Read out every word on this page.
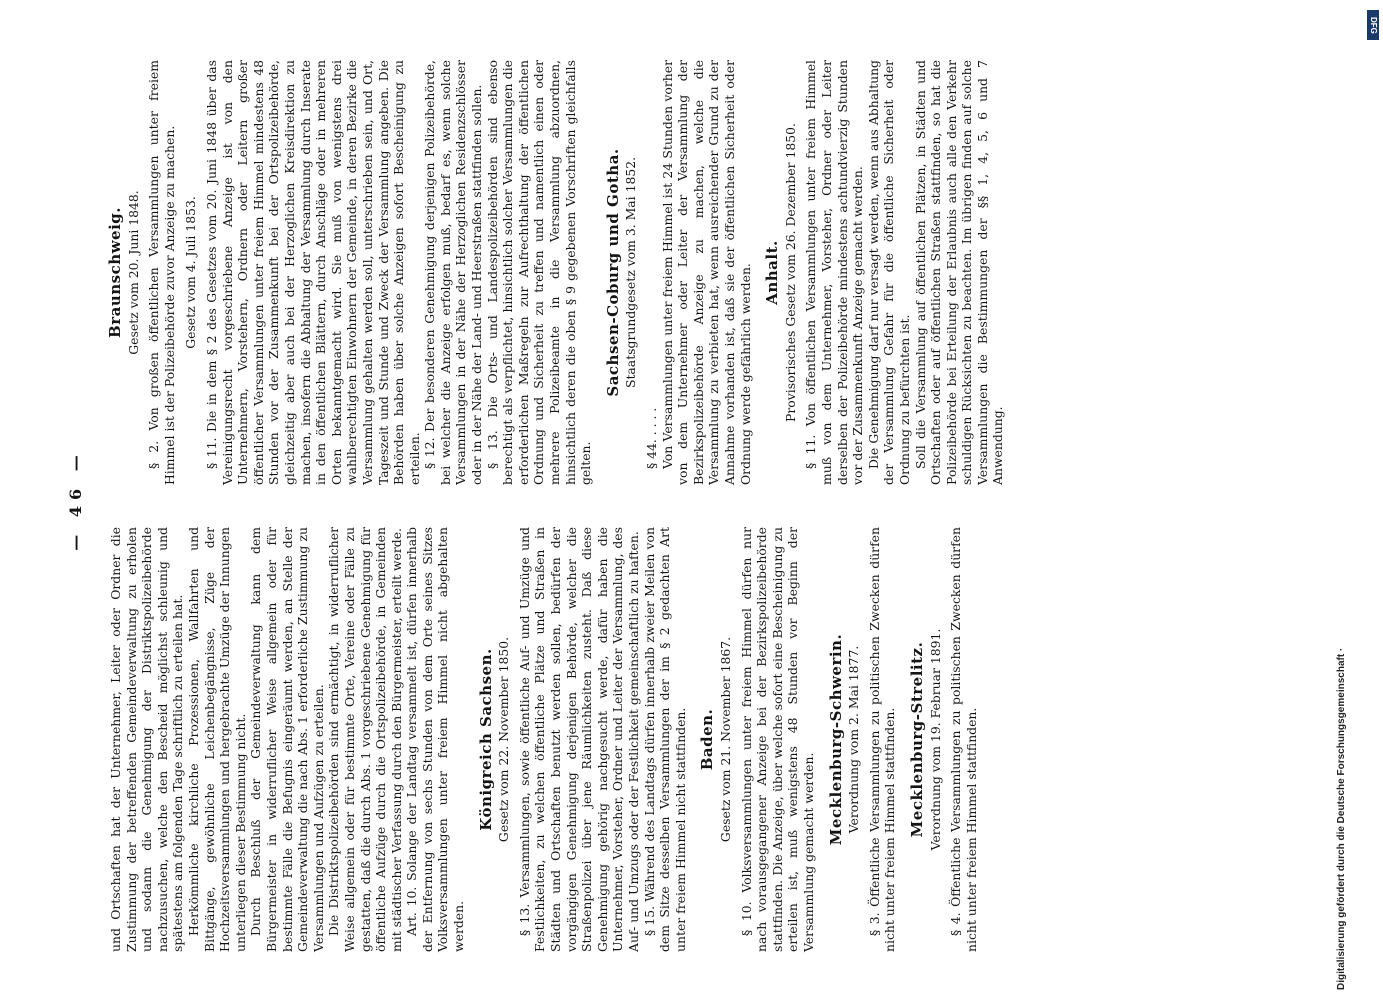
— 46 —

und Ortschaften hat der Unternehmer, Leiter oder Ordner die Zustimmung der betreffenden Gemeindeverwaltung zu erholen und sodann die Genehmigung der Distriktspolizeibehörde nachzusuchen, welche den Bescheid möglichst schleunig und spätestens am folgenden Tage schriftlich zu erteilen hat. Herkömmliche kirchliche Prozessionen, Wallfahrten und Bittgänge, gewöhnliche Leichenbegängnisse, Züge der Hochzeitsversammlungen und hergebrachte Umzüge der Innungen unterliegen dieser Bestimmung nicht. Durch Beschluß der Gemeindeverwaltung kann dem Bürgermeister in widerruflicher Weise allgemein oder für bestimmte Fälle die Befugnis eingeräumt werden, an Stelle der Gemeindeverwaltung die nach Abs. 1 erforderliche Zustimmung zu Versammlungen und Aufzügen zu erteilen. Die Distriktspolizeibehörden sind ermächtigt, in widerruflicher Weise allgemein oder für bestimmte Orte, Vereine oder Fälle zu gestatten, daß die durch Abs. 1 vorgeschriebene Genehmigung für öffentliche Aufzüge durch die Ortspolizeibehörde, in Gemeinden mit städtischer Verfassung durch den Bürgermeister, erteilt werde. Art. 10. Solange der Landtag versammelt ist, dürfen innerhalb der Entfernung von sechs Stunden von dem Orte seines Sitzes Volksversammlungen unter freiem Himmel nicht abgehalten werden.

Königreich Sachsen. Gesetz vom 22. November 1850. § 13. Versammlungen, sowie öffentliche Auf- und Umzüge und Festlichkeiten, zu welchen öffentliche Plätze und Straßen in Städten und Ortschaften benutzt werden sollen, bedürfen der vorgängigen Genehmigung derjenigen Behörde, welcher die Straßenpolizei über jene Räumlichkeiten zusteht. Daß diese Genehmigung gehörig nachgesucht werde, dafür haben die Unternehmer, Vorsteher, Ordner und Leiter der Versammlung, des Auf- und Umzugs oder der Festlichkeit gemeinschaftlich zu haften. § 15. Während des Landtags dürfen innerhalb zweier Meilen von dem Sitze desselben Versammlungen der im § 2 gedachten Art unter freiem Himmel nicht stattfinden. Baden. Gesetz vom 21. November 1867. § 10. Volksversammlungen unter freiem Himmel dürfen nur nach vorausgegangener Anzeige bei der Bezirkspolizeibehörde stattfinden. Die Anzeige, über welche sofort eine Bescheinigung zu erteilen ist, muß wenigstens 48 Stunden vor Beginn der Versammlung gemacht werden.

Mecklenburg-Schwerin. Verordnung vom 2. Mai 1877. § 3. Öffentliche Versammlungen zu politischen Zwecken dürfen nicht unter freiem Himmel stattfinden. Mecklenburg-Strelitz. Verordnung vom 19. Februar 1891. § 4. Öffentliche Versammlungen zu politischen Zwecken dürfen nicht unter freiem Himmel stattfinden.

Braunschweig. Gesetz vom 20. Juni 1848. § 2. Von großen öffentlichen Versammlungen unter freiem Himmel ist der Polizeibehörde zuvor Anzeige zu machen. Gesetz vom 4. Juli 1853. § 11. Die in dem § 2 des Gesetzes vom 20. Juni 1848 über das Vereinigungsrecht vorgeschriebene Anzeige ist von den Unternehmern, Vorstehern, Ordnern oder Leitern großer öffentlicher Versammlungen unter freiem Himmel mindestens 48 Stunden vor der Zusammenkunft bei der Ortspolizeibehörde, gleichzeitig aber auch bei der Herzoglichen Kreisdirektion zu machen, insofern die Abhaltung der Versammlung durch Inserate in den öffentlichen Blättern, durch Anschläge oder in mehreren Orten bekanntgemacht wird. Sie muß von wenigstens drei wahlberechtigten Einwohnern der Gemeinde, in deren Bezirke die Versammlung gehalten werden soll, unterschrieben sein, und Ort, Tageszeit und Stunde und Zweck der Versammlung angeben. Die Behörden haben über solche Anzeigen sofort Bescheinigung zu erteilen. § 12. Der besonderen Genehmigung derjenigen Polizeibehörde, bei welcher die Anzeige erfolgen muß, bedarf es, wenn solche Versammlungen in der Nähe der Herzoglichen Residenzschlösser oder in der Nähe der Land- und Heerstraßen stattfinden sollen. § 13. Die Orts- und Landespolizeibehörden sind ebenso berechtigt als verpflichtet, hinsichtlich solcher Versammlungen die erforderlichen Maßregeln zur Aufrechthaltung der öffentlichen Ordnung und Sicherheit zu treffen und namentlich einen oder mehrere Polizeibeamte in die Versammlung abzuordnen, hinsichtlich deren die oben § 9 gegebenen Vorschriften gleichfalls gelten.

Sachsen-Coburg und Gotha. Staatsgrundgesetz vom 3. Mai 1852.

§ 44. . . . . Von Versammlungen unter freiem Himmel ist 24 Stunden vorher von dem Unternehmer oder Leiter der Versammlung der Bezirkspolizeibehörde Anzeige zu machen, welche die Versammlung zu verbieten hat, wenn ausreichender Grund zu der Annahme vorhanden ist, daß sie der öffentlichen Sicherheit oder Ordnung werde gefährlich werden. Anhalt. Provisorisches Gesetz vom 26. Dezember 1850. § 11. Von öffentlichen Versammlungen unter freiem Himmel muß von dem Unternehmer, Vorsteher, Ordner oder Leiter derselben der Polizeibehörde mindestens achtundvierzig Stunden vor der Zusammenkunft Anzeige gemacht werden. Die Genehmigung darf nur versagt werden, wenn aus Abhaltung der Versammlung Gefahr für die öffentliche Sicherheit oder Ordnung zu befürchten ist. Soll die Versammlung auf öffentlichen Plätzen, in Städten und Ortschaften oder auf öffentlichen Straßen stattfinden, so hat die Polizeibehörde bei Erteilung der Erlaubnis auch alle den Verkehr schuldigen Rücksichten zu beachten. Im übrigen finden auf solche Versammlungen die Bestimmungen der §§ 1, 4, 5, 6 und 7 Anwendung.

Digitalisierung gefördert durch die Deutsche Forschungsgemeinschaft ·
DFG
